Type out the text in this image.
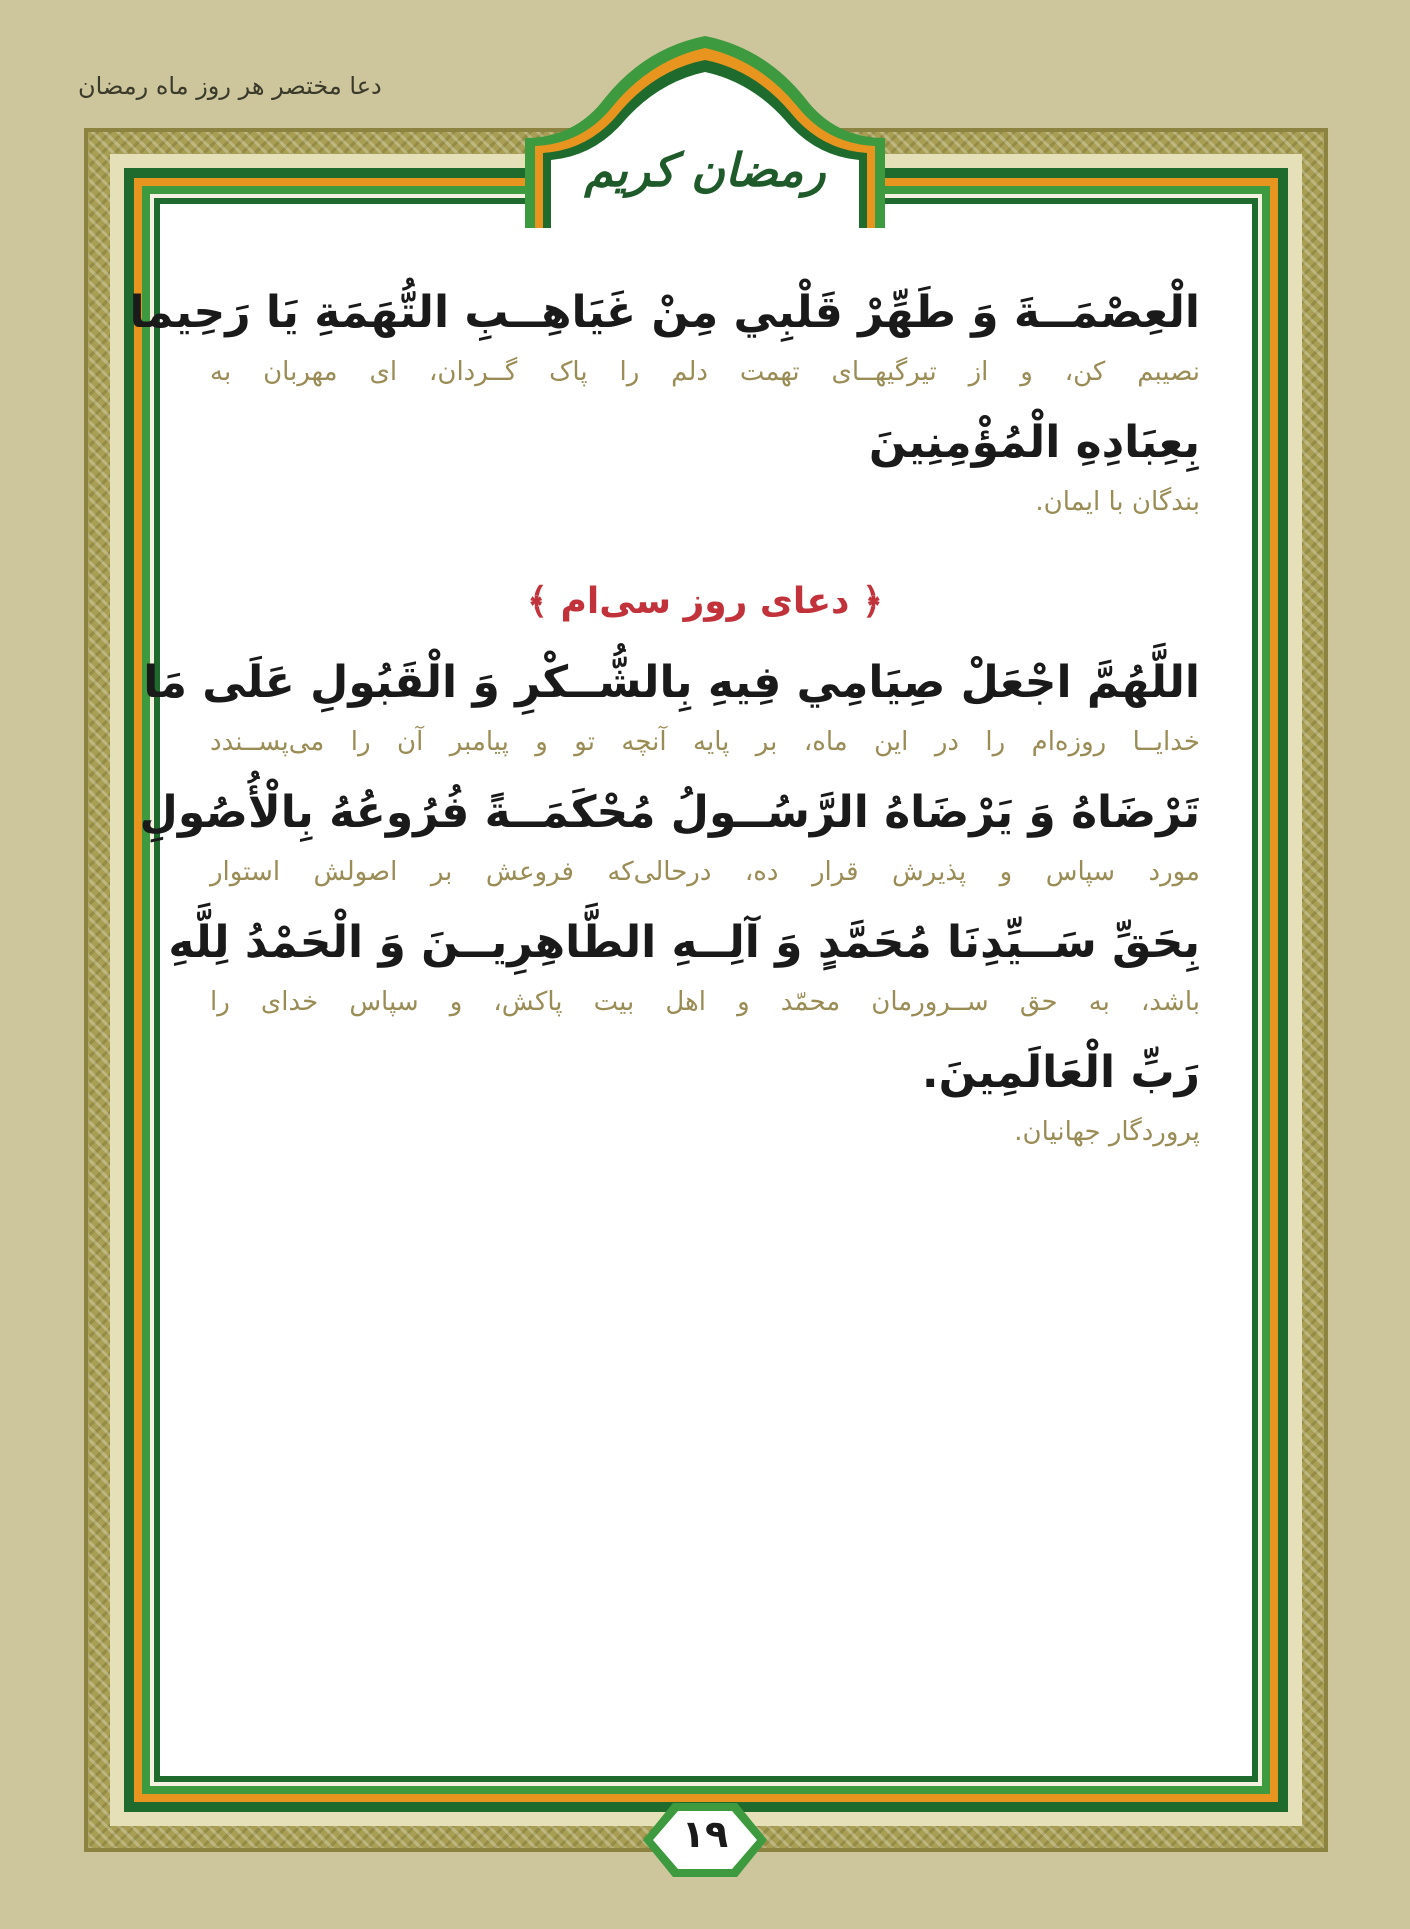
دعا مختصر هر روز ماه رمضان
رمضان کریم
الْعِصْمَــةَ وَ طَهِّرْ قَلْبِي مِنْ غَيَاهِــبِ التُّهَمَةِ يَا رَحِيما
نصیبم کن، و از تیرگیهــای تهمت دلم را پاک گــردان، ای مهربان به
بِعِبَادِهِ الْمُؤْمِنِينَ
بندگان با ایمان.
﴿ دعای روز سی‌ام ﴾
اللَّهُمَّ اجْعَلْ صِيَامِي فِيهِ بِالشُّــكْرِ وَ الْقَبُولِ عَلَى مَا
خدایــا روزه‌ام را در این ماه، بر پایه آنچه تو و پیامبر آن را می‌پســندد
تَرْضَاهُ وَ يَرْضَاهُ الرَّسُــولُ مُحْكَمَــةً فُرُوعُهُ بِالْأُصُولِ
مورد سپاس و پذیرش قرار ده، درحالی‌که فروعش بر اصولش استوار
بِحَقِّ سَــيِّدِنَا مُحَمَّدٍ وَ آلِــهِ الطَّاهِرِيــنَ وَ الْحَمْدُ لِلَّهِ
باشد، به حق ســرورمان محمّد و اهل بیت پاکش، و سپاس خدای را
رَبِّ الْعَالَمِينَ.
پروردگار جهانیان.
۱۹
